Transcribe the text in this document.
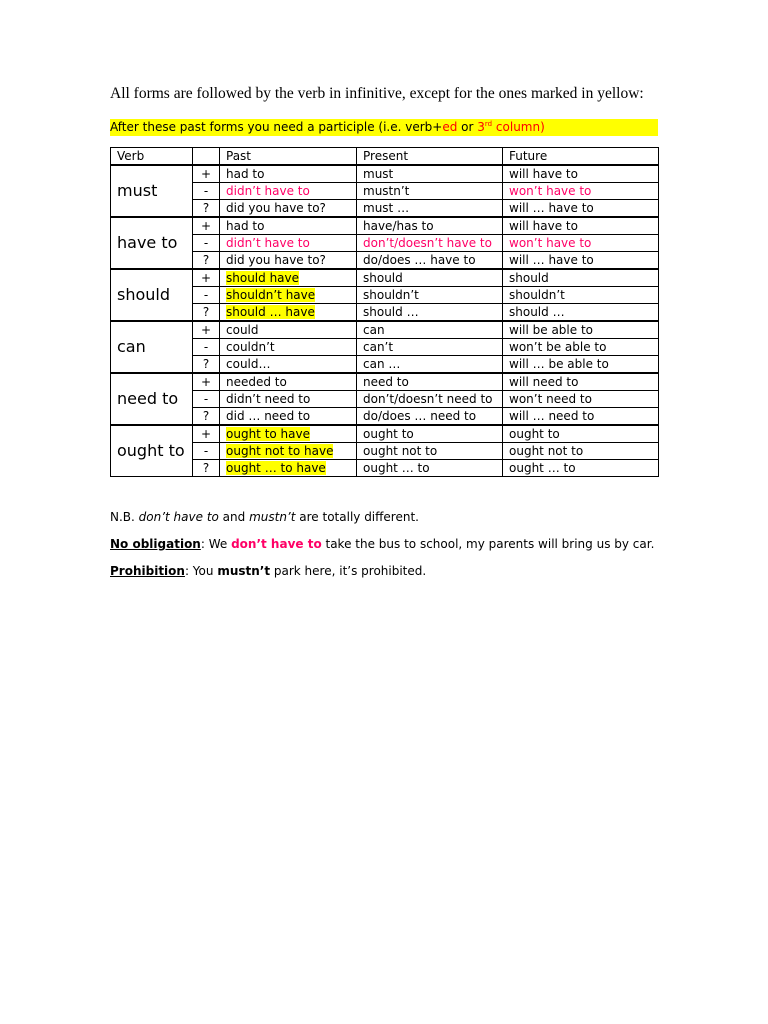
All forms are followed by the verb in infinitive, except for the ones marked in yellow:
After these past forms you need a participle (i.e. verb+ed or 3rd column)
Verb		Past	Present	Future
must	+	had to	must	will have to
	-	didn’t have to	mustn’t	won’t have to
	?	did you have to?	must …	will … have to
have to	+	had to	have/has to	will have to
	-	didn’t have to	don’t/doesn’t have to	won’t have to
	?	did you have to?	do/does … have to	will … have to
should	+	should have	should	should
	-	shouldn’t have	shouldn’t	shouldn’t
	?	should … have	should …	should …
can	+	could	can	will be able to
	-	couldn’t	can’t	won’t be able to
	?	could…	can …	will … be able to
need to	+	needed to	need to	will need to
	-	didn’t need to	don’t/doesn’t need to	won’t need to
	?	did … need to	do/does … need to	will … need to
ought to	+	ought to have	ought to	ought to
	-	ought not to have	ought not to	ought not to
	?	ought … to have	ought … to	ought … to

N.B. don’t have to and mustn’t are totally different.

No obligation: We don’t have to take the bus to school, my parents will bring us by car.

Prohibition: You mustn’t park here, it’s prohibited.
